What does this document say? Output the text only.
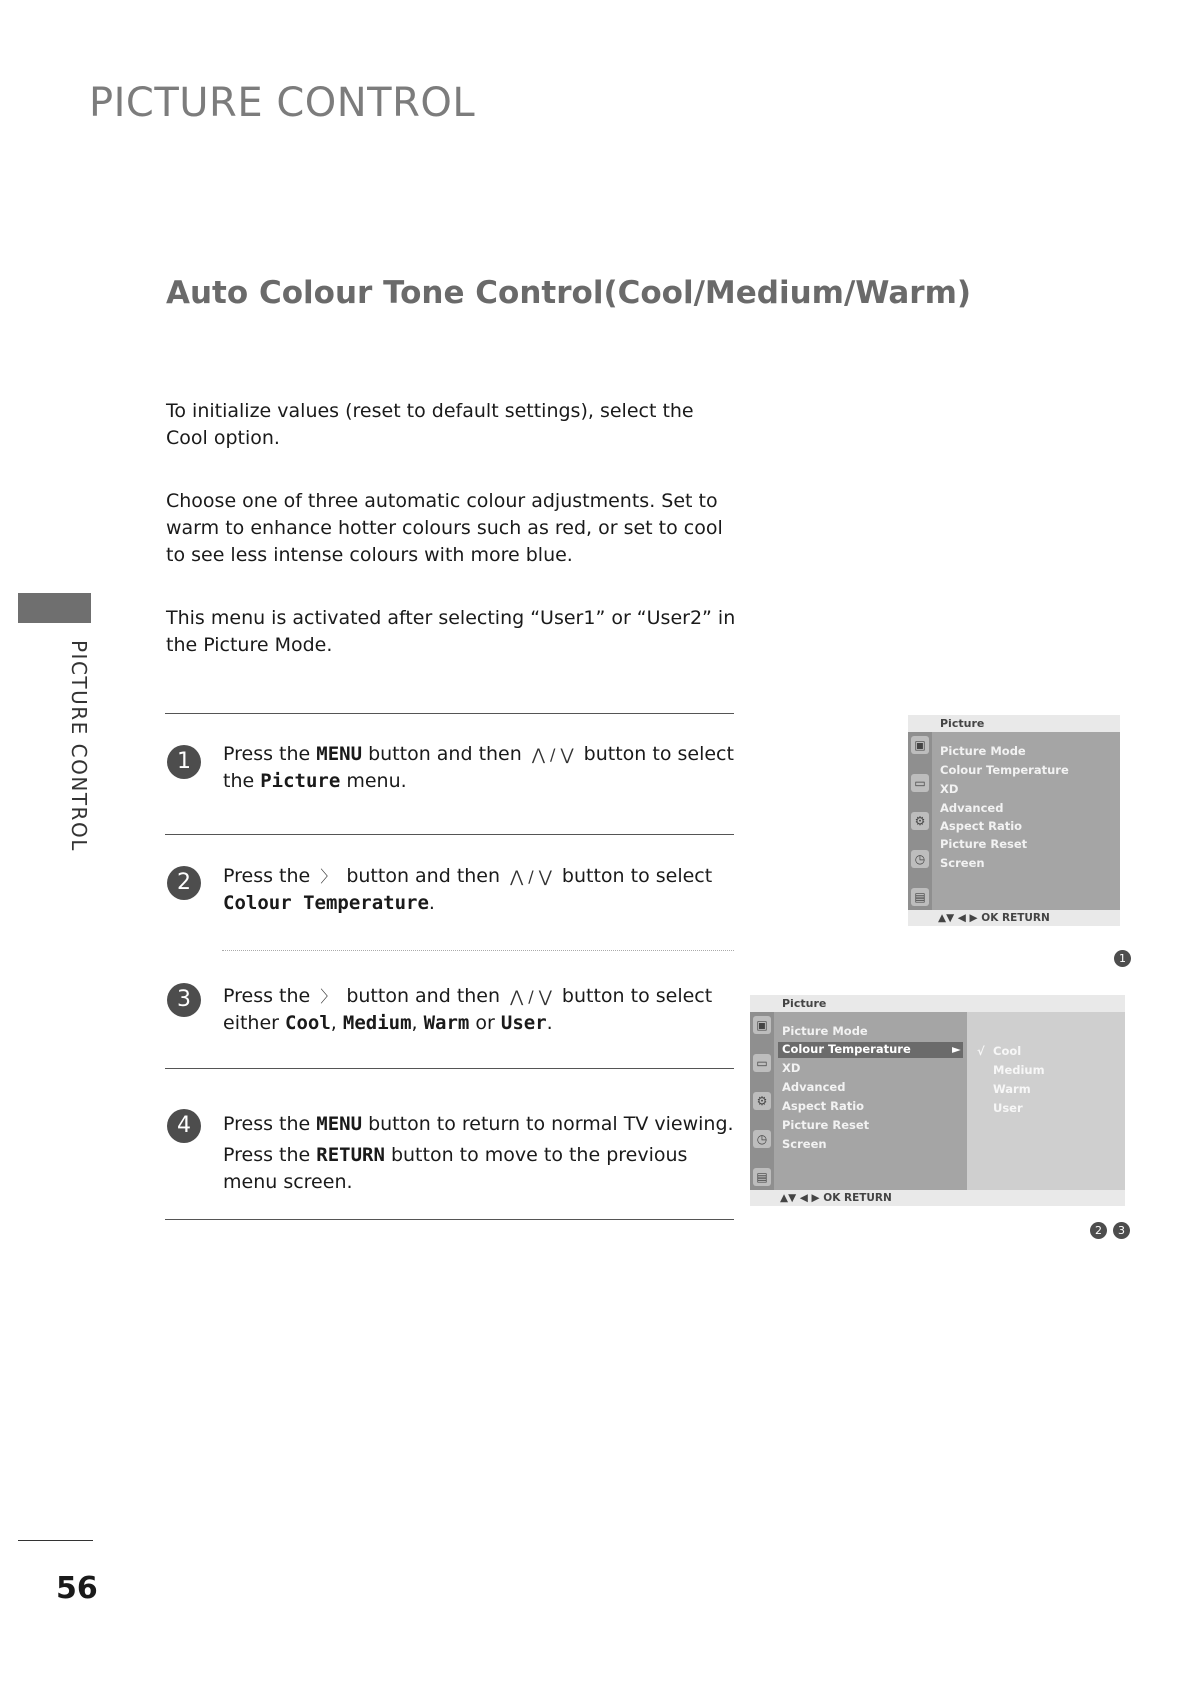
PICTURE CONTROL
Auto Colour Tone Control(Cool/Medium/Warm)
PICTURE CONTROL

To initialize values (reset to default settings), select the Cool option.

Choose one of three automatic colour adjustments. Set to warm to enhance hotter colours such as red, or set to cool to see less intense colours with more blue.

This menu is activated after selecting “User1” or “User2” in the Picture Mode.

1	Press the MENU button and then ⋀ / ⋁ button to select the Picture menu.
2	Press the 〉 button and then ⋀ / ⋁ button to select Colour Temperature.
3	Press the 〉 button and then ⋀ / ⋁ button to select either Cool, Medium, Warm or User.
4	Press the MENU button to return to normal TV viewing.
Press the RETURN button to move to the previous menu screen.
Picture
▣
▭
⚙
◷
▤
Picture Mode
Colour Temperature
XD
Advanced
Aspect Ratio
Picture Reset
Screen
▲▼ ◀ ▶ OK RETURN
1
Picture
▣
▭
⚙
◷
▤
Picture Mode
Colour Temperature	►
XD
Advanced
Aspect Ratio
Picture Reset
Screen
√ Cool
Medium
Warm
User
▲▼ ◀ ▶ OK RETURN
2	3
56
